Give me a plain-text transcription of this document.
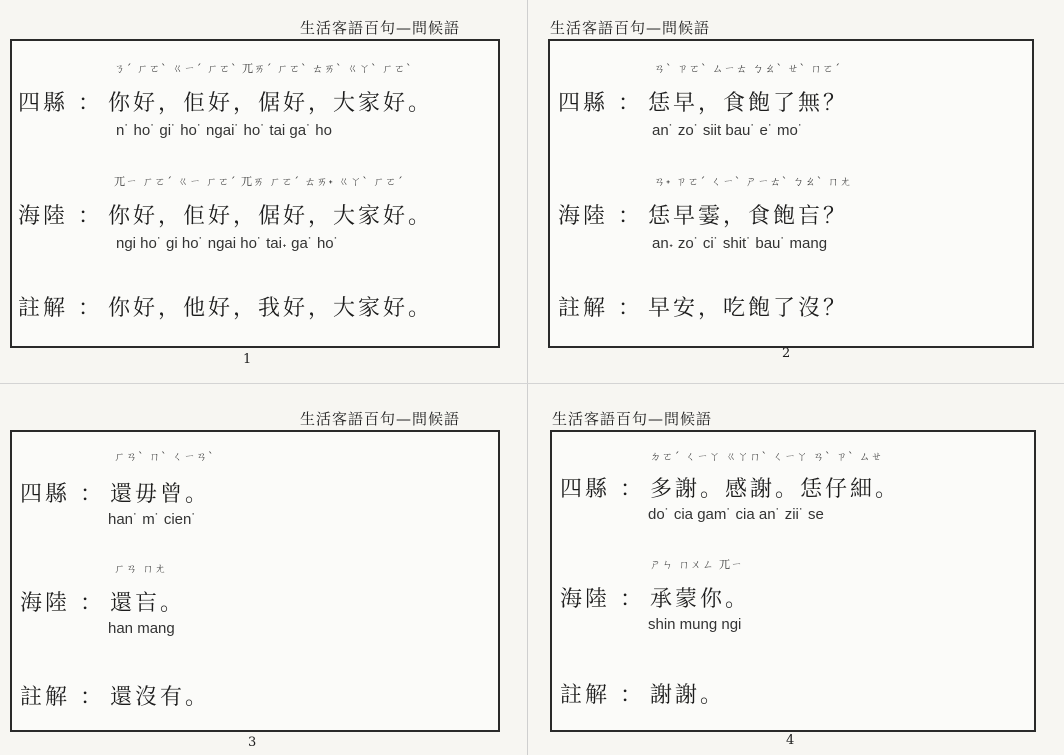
生活客語百句—問候語
ㄋˊ ㄏㄛˋ ㄍㄧˊ ㄏㄛˋ ㄫㄞˊ ㄏㄛˋ ㄊㄞˋ ㄍㄚˋ ㄏㄛˋ
四縣 ： 你好，佢好，倨好，大家好。
n˙ ho˙ gi˙ ho˙ ngai˙ ho˙ tai ga˙ ho
ㄫㄧ ㄏㄛˊ ㄍㄧ ㄏㄛˊ ㄫㄞ ㄏㄛˊ ㄊㄞ˖ ㄍㄚˋ ㄏㄛˊ
海陸 ： 你好，佢好，倨好，大家好。
ngi ho˙ gi ho˙ ngai ho˙ tai˖ ga˙ ho˙
註解 ： 你好，他好，我好，大家好。
1
生活客語百句—問候語
ㄢˋ ㄗㄛˋ ㄙㄧㄊ ㄅㄠˋ ㄝˋ ㄇㄛˊ
四縣 ： 恁早，食飽了無？
an˙ zo˙ siit bau˙ e˙ mo˙
ㄢ˖ ㄗㄛˊ ㄑㄧˋ ㄕㄧㄊˋ ㄅㄠˋ ㄇㄤ
海陸 ： 恁早霎，食飽吂？
an˖ zo˙ ci˙ shit˙ bau˙ mang
註解 ： 早安，吃飽了沒？
2
生活客語百句—問候語
ㄏㄢˋ ㄇˋ ㄑㄧㄢˋ
四縣 ： 還毋曾。
han˙ m˙ cien˙
ㄏㄢ ㄇㄤ
海陸 ： 還吂。
han mang
註解 ： 還沒有。
3
生活客語百句—問候語
ㄉㄛˊ ㄑㄧㄚ ㄍㄚㄇˋ ㄑㄧㄚ ㄢˋ ㄗˋ ㄙㄝ
四縣 ： 多謝。感謝。恁仔細。
do˙ cia gam˙ cia an˙ zii˙ se
ㄕㄣ ㄇㄨㄥ ㄫㄧ
海陸 ： 承蒙你。
shin mung ngi
註解 ： 謝謝。
4
